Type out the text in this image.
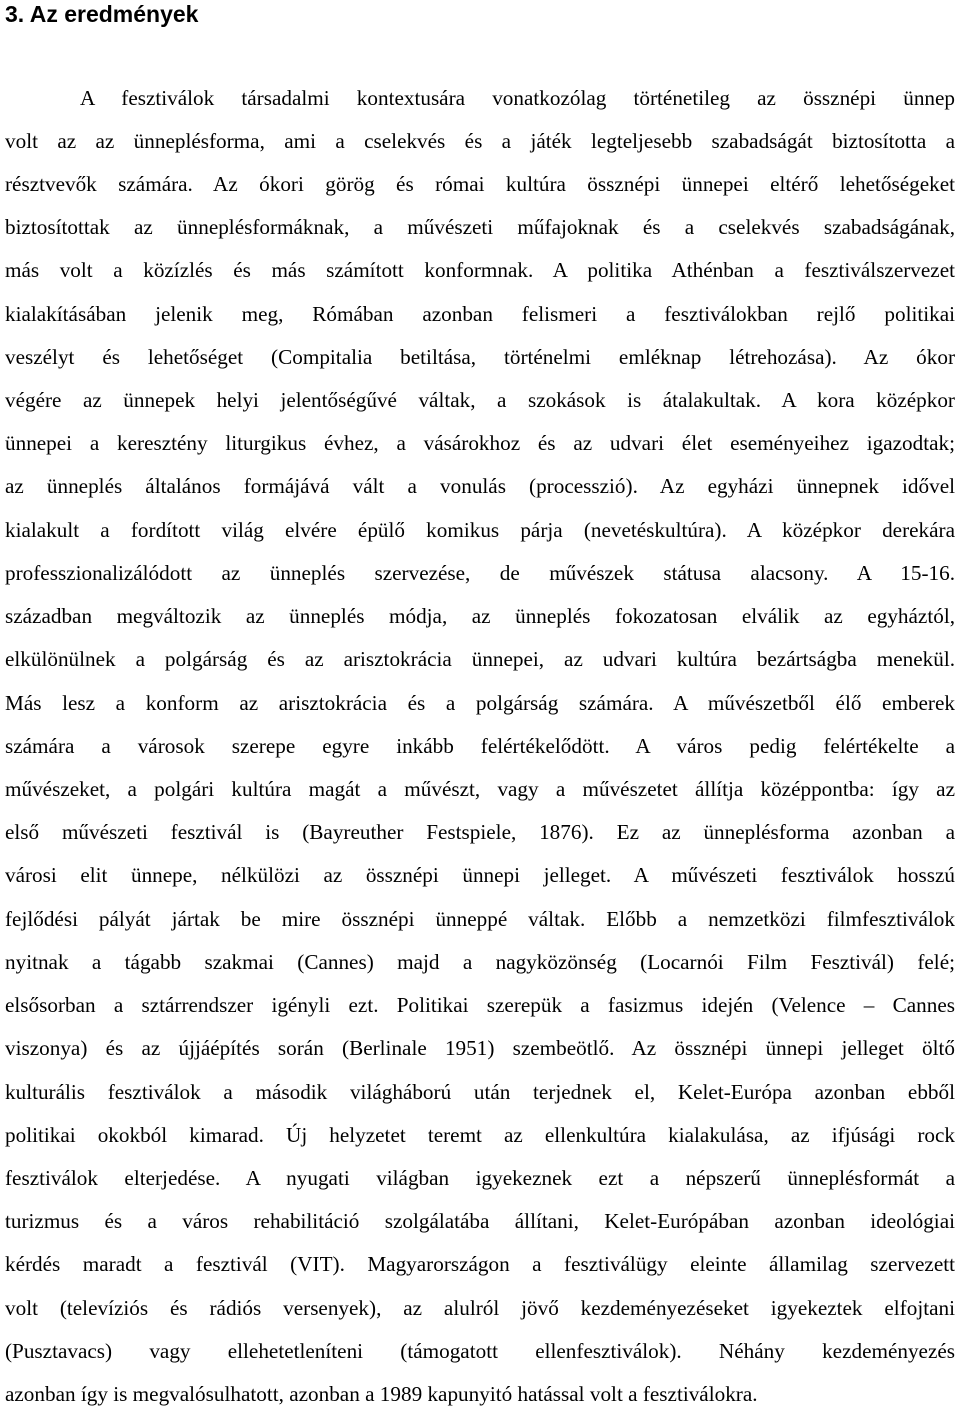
3. Az eredmények
A fesztiválok társadalmi kontextusára vonatkozólag történetileg az össznépi ünnep
volt az az ünneplésforma, ami a cselekvés és a játék legteljesebb szabadságát biztosította a
résztvevők számára. Az ókori görög és római kultúra össznépi ünnepei eltérő lehetőségeket
biztosítottak az ünneplésformáknak, a művészeti műfajoknak és a cselekvés szabadságának,
más volt a közízlés és más számított konformnak. A politika Athénban a fesztiválszervezet
kialakításában jelenik meg, Rómában azonban felismeri a fesztiválokban rejlő politikai
veszélyt és lehetőséget (Compitalia betiltása, történelmi emléknap létrehozása). Az ókor
végére az ünnepek helyi jelentőségűvé váltak, a szokások is átalakultak. A kora középkor
ünnepei a keresztény liturgikus évhez, a vásárokhoz és az udvari élet eseményeihez igazodtak;
az ünneplés általános formájává vált a vonulás (processzió). Az egyházi ünnepnek idővel
kialakult a fordított világ elvére épülő komikus párja (nevetéskultúra). A középkor derekára
professzionalizálódott az ünneplés szervezése, de művészek státusa alacsony. A 15-16.
században megváltozik az ünneplés módja, az ünneplés fokozatosan elválik az egyháztól,
elkülönülnek a polgárság és az arisztokrácia ünnepei, az udvari kultúra bezártságba menekül.
Más lesz a konform az arisztokrácia és a polgárság számára. A művészetből élő emberek
számára a városok szerepe egyre inkább felértékelődött. A város pedig felértékelte a
művészeket, a polgári kultúra magát a művészt, vagy a művészetet állítja középpontba: így az
első művészeti fesztivál is (Bayreuther Festspiele, 1876). Ez az ünneplésforma azonban a
városi elit ünnepe, nélkülözi az össznépi ünnepi jelleget. A művészeti fesztiválok hosszú
fejlődési pályát jártak be mire össznépi ünneppé váltak. Előbb a nemzetközi filmfesztiválok
nyitnak a tágabb szakmai (Cannes) majd a nagyközönség (Locarnói Film Fesztivál) felé;
elsősorban a sztárrendszer igényli ezt. Politikai szerepük a fasizmus idején (Velence – Cannes
viszonya) és az újjáépítés során (Berlinale 1951) szembeötlő. Az össznépi ünnepi jelleget öltő
kulturális fesztiválok a második világháború után terjednek el, Kelet-Európa azonban ebből
politikai okokból kimarad. Új helyzetet teremt az ellenkultúra kialakulása, az ifjúsági rock
fesztiválok elterjedése. A nyugati világban igyekeznek ezt a népszerű ünneplésformát a
turizmus és a város rehabilitáció szolgálatába állítani, Kelet-Európában azonban ideológiai
kérdés maradt a fesztivál (VIT). Magyarországon a fesztiválügy eleinte államilag szervezett
volt (televíziós és rádiós versenyek), az alulról jövő kezdeményezéseket igyekeztek elfojtani
(Pusztavacs) vagy ellehetetleníteni (támogatott ellenfesztiválok). Néhány kezdeményezés
azonban így is megvalósulhatott, azonban a 1989 kapunyitó hatással volt a fesztiválokra.
